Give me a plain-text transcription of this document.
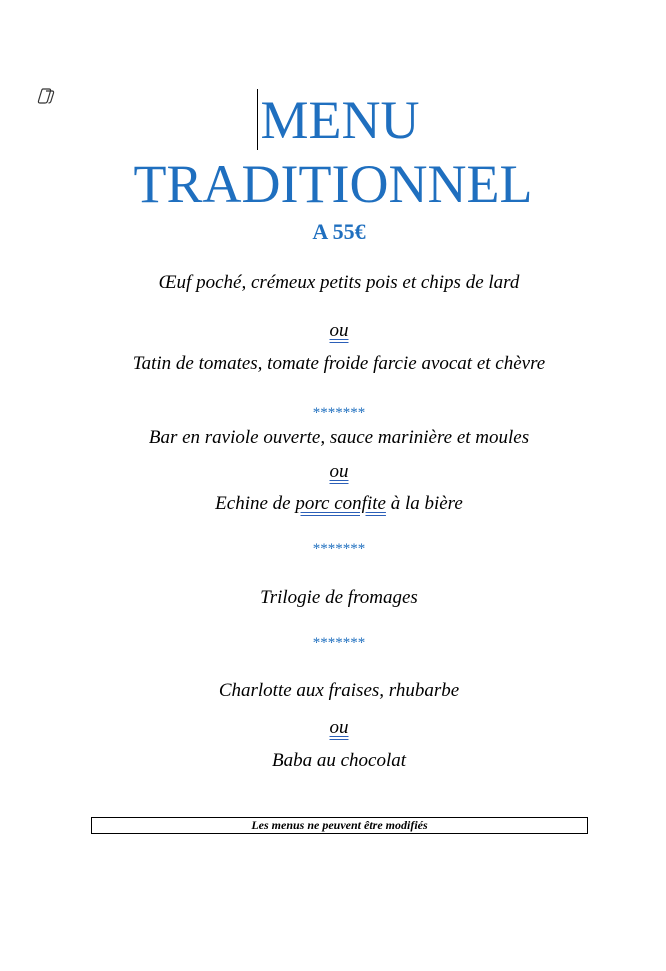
MENU
TRADITIONNEL
A 55€
Œuf poché, crémeux petits pois et chips de lard
ou
Tatin de tomates, tomate froide farcie avocat et chèvre
*******
Bar en raviole ouverte, sauce marinière et moules
ou
Echine de porc confite à la bière
*******
Trilogie de fromages
*******
Charlotte aux fraises, rhubarbe
ou
Baba au chocolat
Les menus ne peuvent être modifiés
